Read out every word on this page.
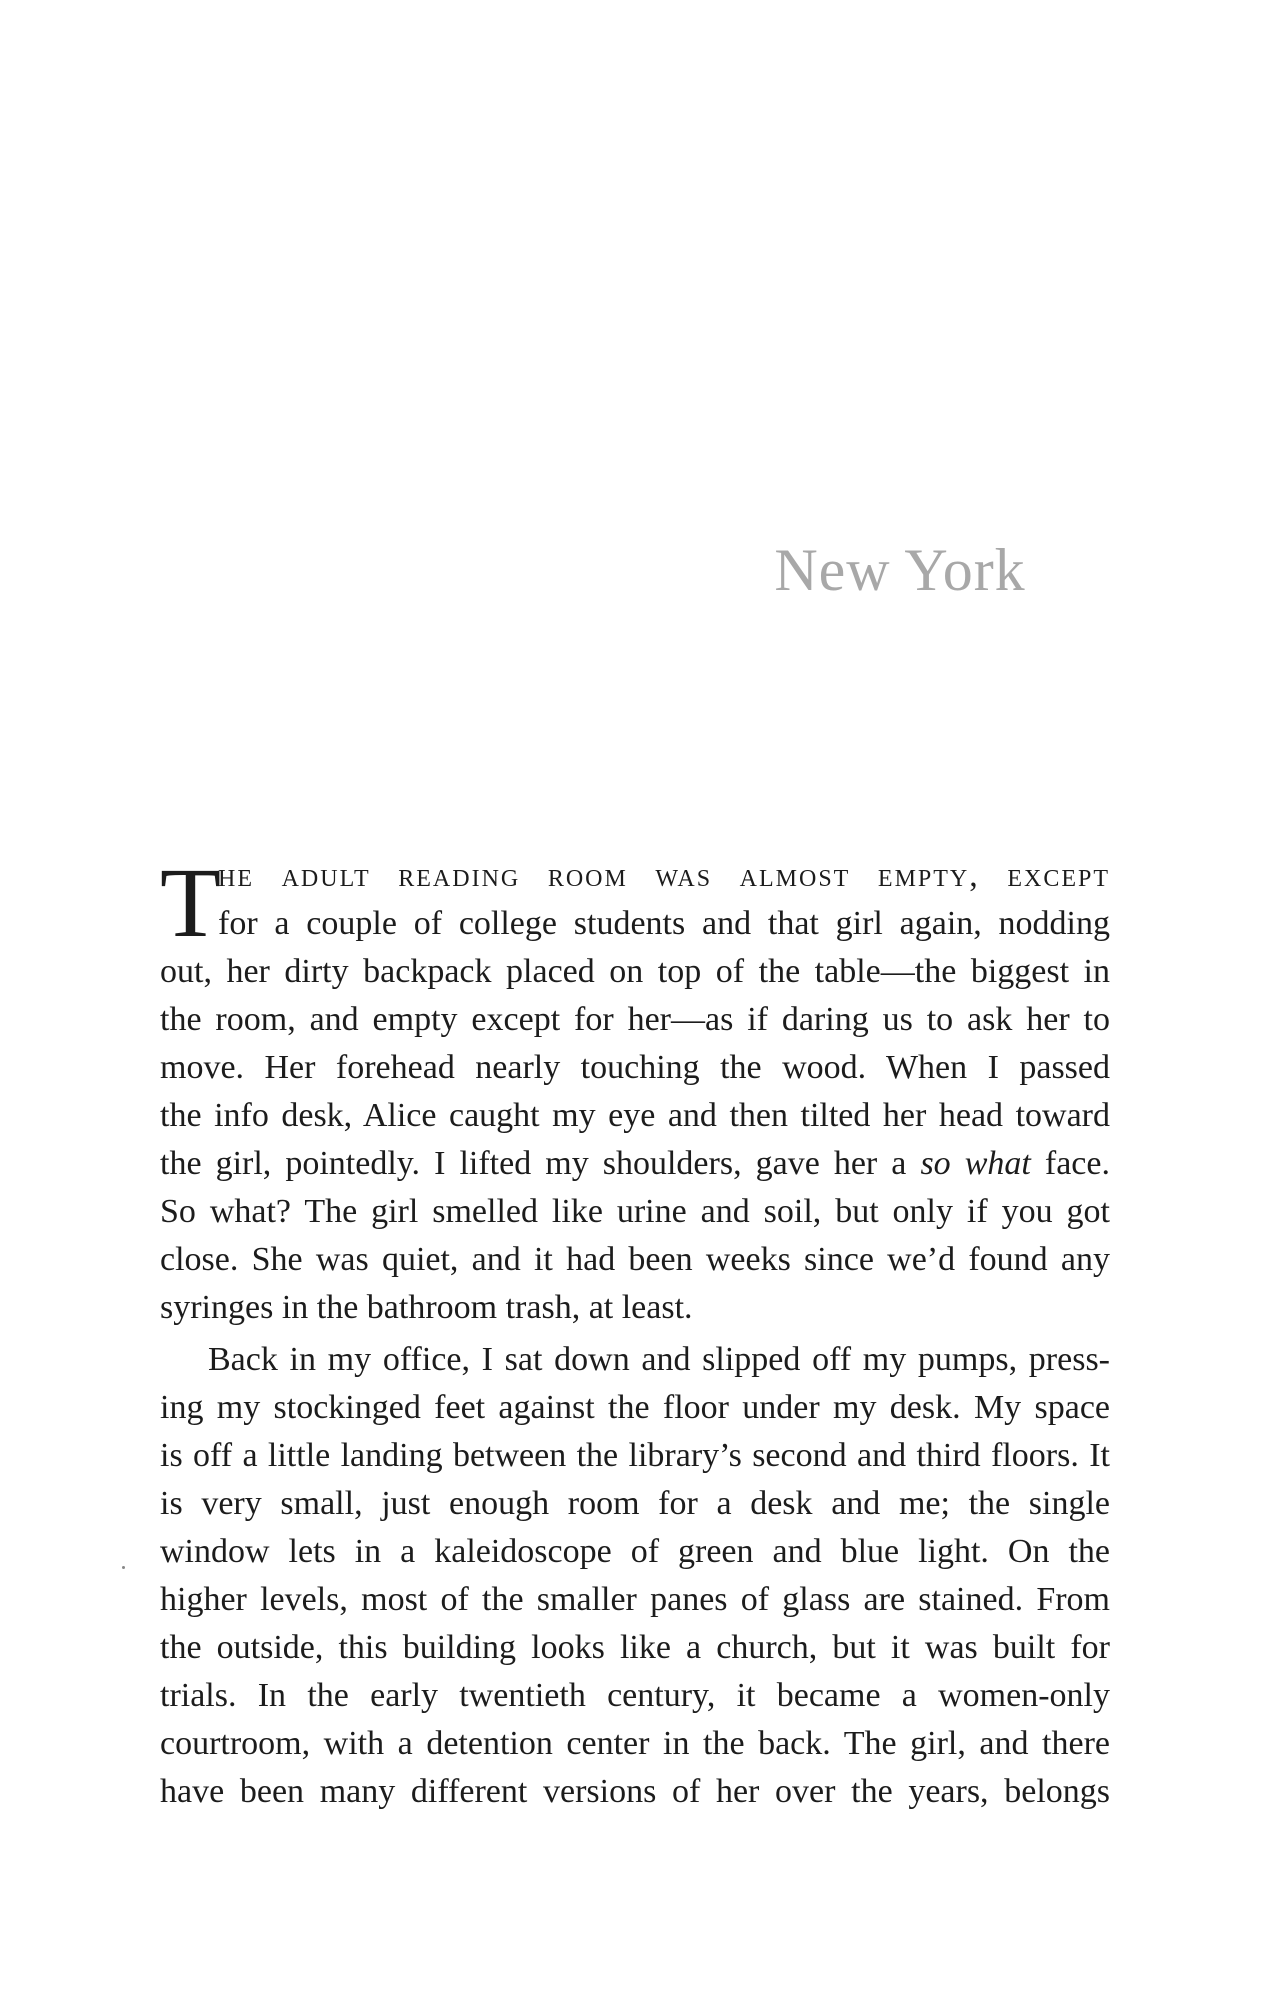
New York
T
he adult reading room was almost empty, except
for a couple of college students and that girl again, nodding
out, her dirty backpack placed on top of the table—the biggest in
the room, and empty except for her—as if daring us to ask her to
move. Her forehead nearly touching the wood. When I passed
the info desk, Alice caught my eye and then tilted her head toward
the girl, pointedly. I lifted my shoulders, gave her a so what face.
So what? The girl smelled like urine and soil, but only if you got
close. She was quiet, and it had been weeks since we’d found any
syringes in the bathroom trash, at least.
Back in my office, I sat down and slipped off my pumps, press-
ing my stockinged feet against the floor under my desk. My space
is off a little landing between the library’s second and third floors. It
is very small, just enough room for a desk and me; the single
window lets in a kaleidoscope of green and blue light. On the
higher levels, most of the smaller panes of glass are stained. From
the outside, this building looks like a church, but it was built for
trials. In the early twentieth century, it became a women-only
courtroom, with a detention center in the back. The girl, and there
have been many different versions of her over the years, belongs
